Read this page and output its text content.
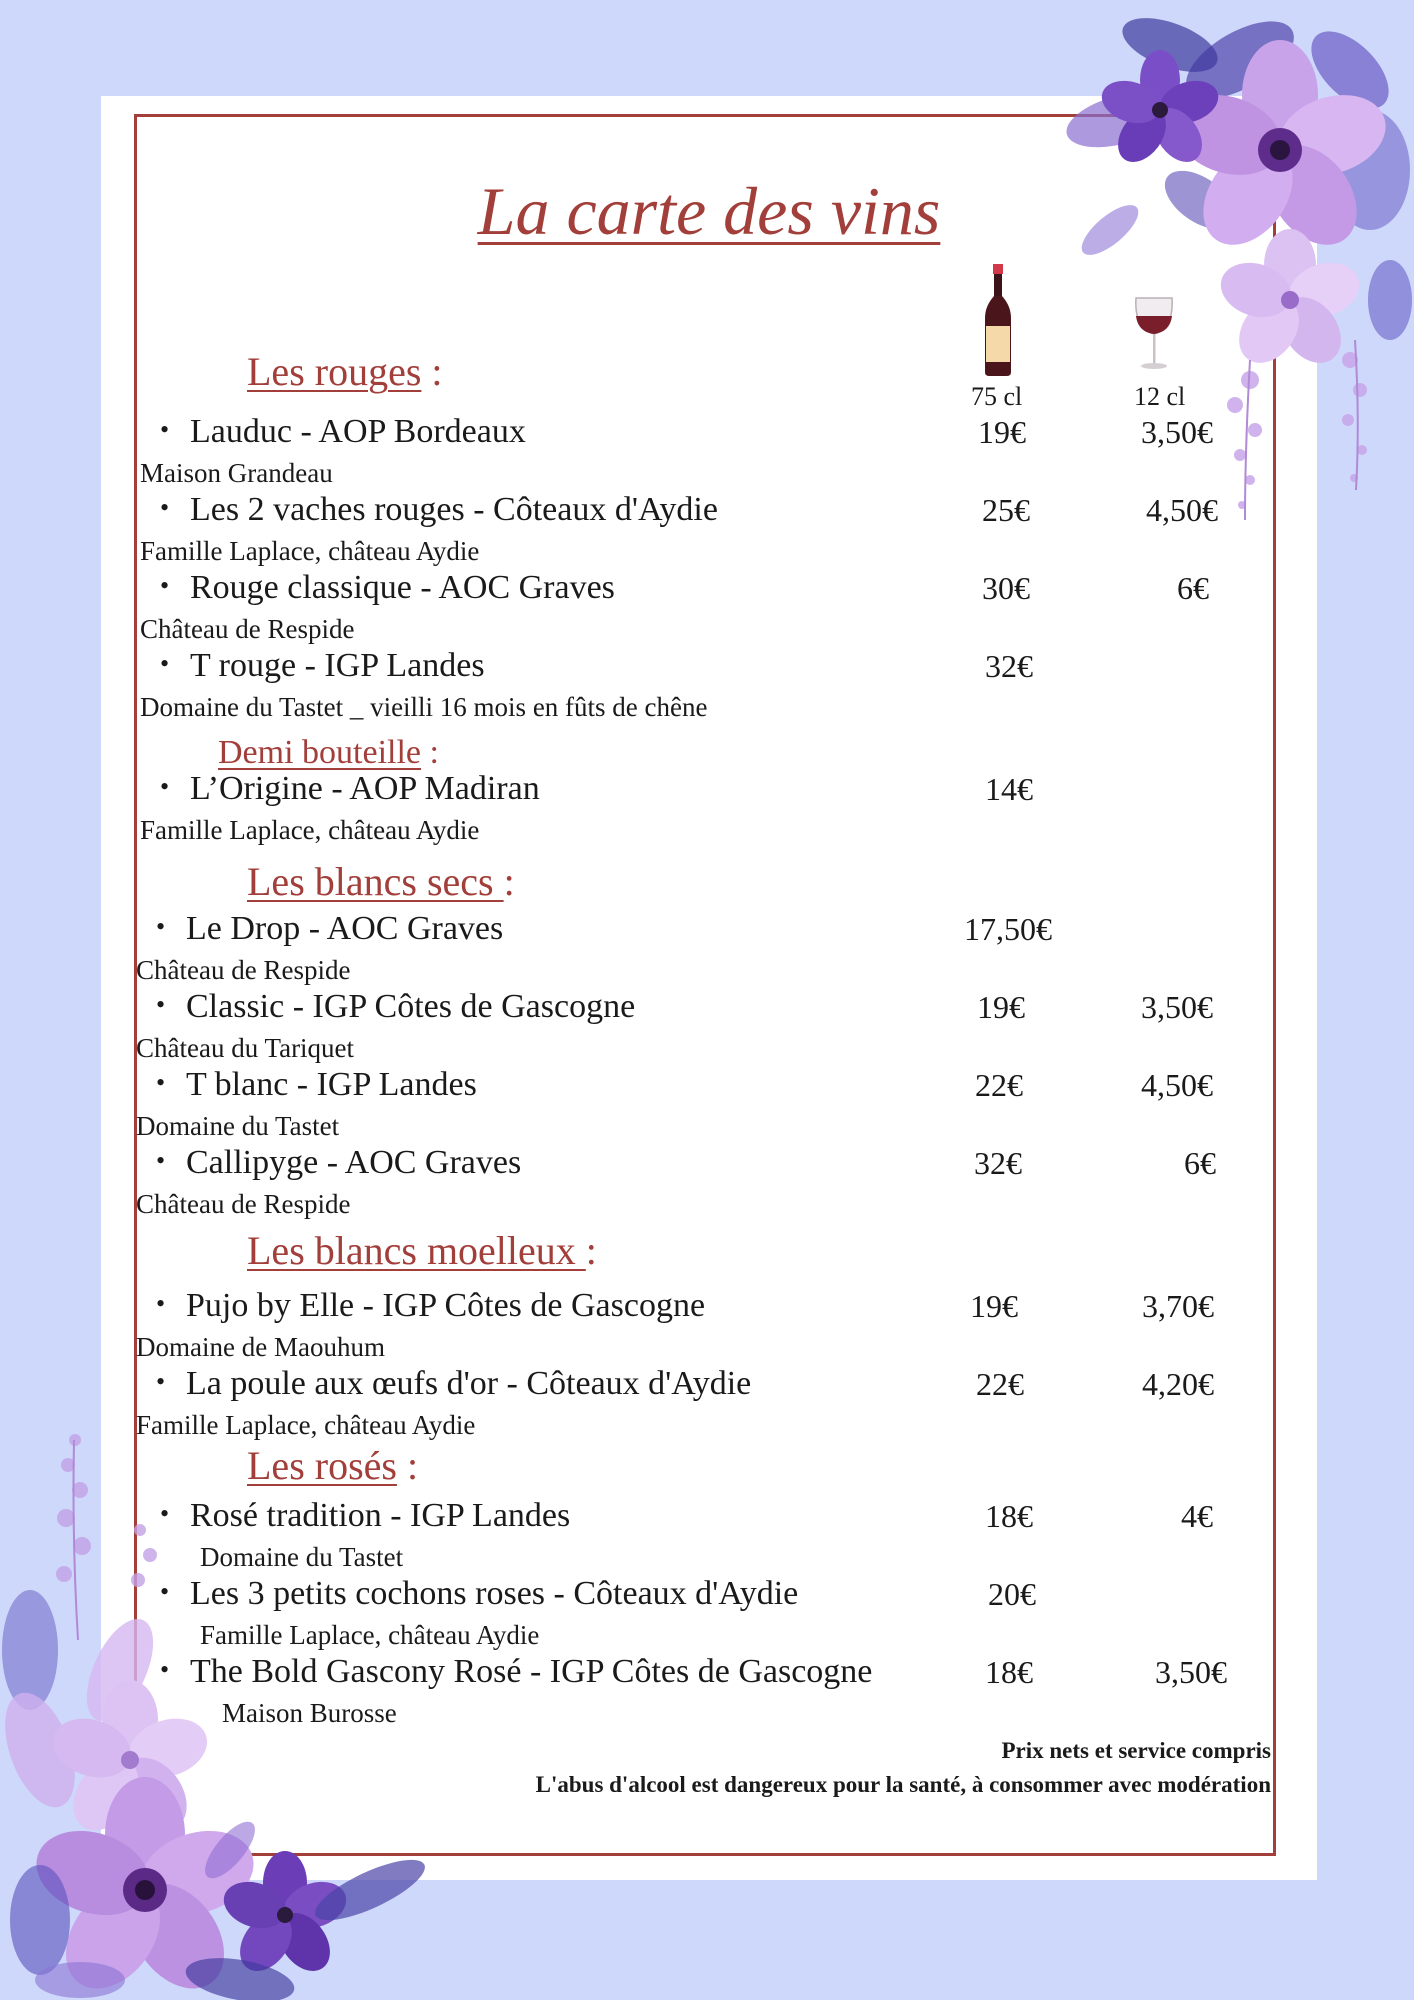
La carte des vins
75 cl	12 cl
Les rouges :
• Lauduc - AOP Bordeaux
Maison Grandeau
19€	3,50€
• Les 2 vaches rouges - Côteaux d'Aydie
Famille Laplace, château Aydie
25€	4,50€
• Rouge classique - AOC Graves
Château de Respide
30€	6€
• T rouge - IGP Landes
Domaine du Tastet _ vieilli 16 mois en fûts de chêne
32€
Demi bouteille :
• L’Origine - AOP Madiran
Famille Laplace, château Aydie
14€
Les blancs secs :
• Le Drop - AOC Graves
Château de Respide
17,50€
• Classic - IGP Côtes de Gascogne
Château du Tariquet
19€	3,50€
• T blanc - IGP Landes
Domaine du Tastet
22€	4,50€
• Callipyge - AOC Graves
Château de Respide
32€	6€
Les blancs moelleux :
• Pujo by Elle - IGP Côtes de Gascogne
Domaine de Maouhum
19€	3,70€
• La poule aux œufs d'or - Côteaux d'Aydie
Famille Laplace, château Aydie
22€	4,20€
Les rosés :
• Rosé tradition - IGP Landes
Domaine du Tastet
18€	4€
• Les 3 petits cochons roses - Côteaux d'Aydie
Famille Laplace, château Aydie
20€
• The Bold Gascony Rosé - IGP Côtes de Gascogne
Maison Burosse
18€	3,50€
Prix nets et service compris
L'abus d'alcool est dangereux pour la santé, à consommer avec modération
